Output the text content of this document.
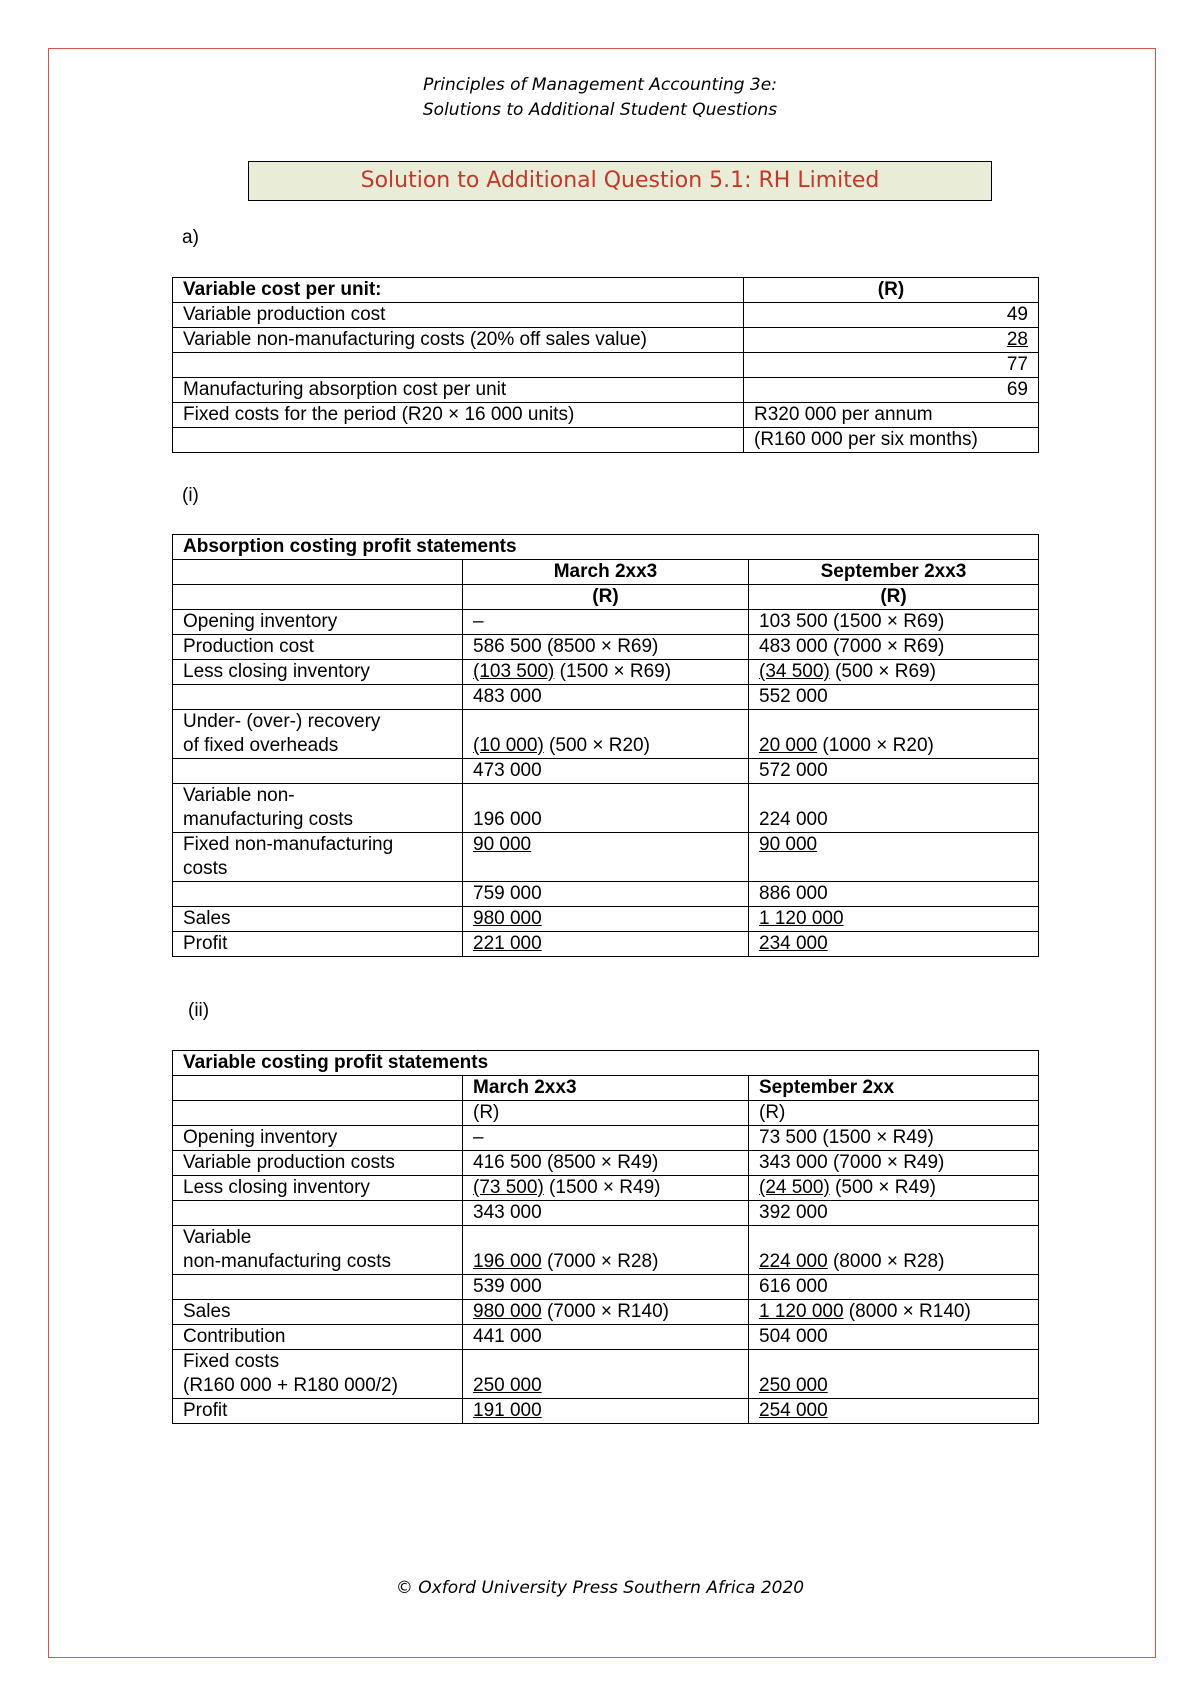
Principles of Management Accounting 3e:
Solutions to Additional Student Questions
Solution to Additional Question 5.1: RH Limited
a)
Variable cost per unit:	(R)
Variable production cost	49
Variable non-manufacturing costs (20% off sales value)	28
	77
Manufacturing absorption cost per unit	69
Fixed costs for the period (R20 × 16 000 units)	R320 000 per annum
	(R160 000 per six months)
(i)
Absorption costing profit statements		
	March 2xx3	September 2xx3
	(R)	(R)
Opening inventory	–	103 500 (1500 × R69)
Production cost	586 500 (8500 × R69)	483 000 (7000 × R69)
Less closing inventory	(103 500) (1500 × R69)	(34 500) (500 × R69)
	483 000	552 000

Under- (over-) recovery
of fixed overheads	(10 000) (500 × R20)	20 000 (1000 × R20)
	473 000	572 000

Variable non-
manufacturing costs	196 000	224 000

Fixed non-manufacturing
costs	90 000	90 000
	759 000	886 000
Sales	980 000	1 120 000
Profit	221 000	234 000
(ii)
Variable costing profit statements		
	March 2xx3	September 2xx
	(R)	(R)
Opening inventory	–	73 500 (1500 × R49)
Variable production costs	416 500 (8500 × R49)	343 000 (7000 × R49)
Less closing inventory	(73 500) (1500 × R49)	(24 500) (500 × R49)
	343 000	392 000

Variable
non-manufacturing costs	196 000 (7000 × R28)	224 000 (8000 × R28)
	539 000	616 000
Sales	980 000 (7000 × R140)	1 120 000 (8000 × R140)
Contribution	441 000	504 000

Fixed costs
(R160 000 + R180 000/2)	250 000	250 000
Profit	191 000	254 000
© Oxford University Press Southern Africa 2020
